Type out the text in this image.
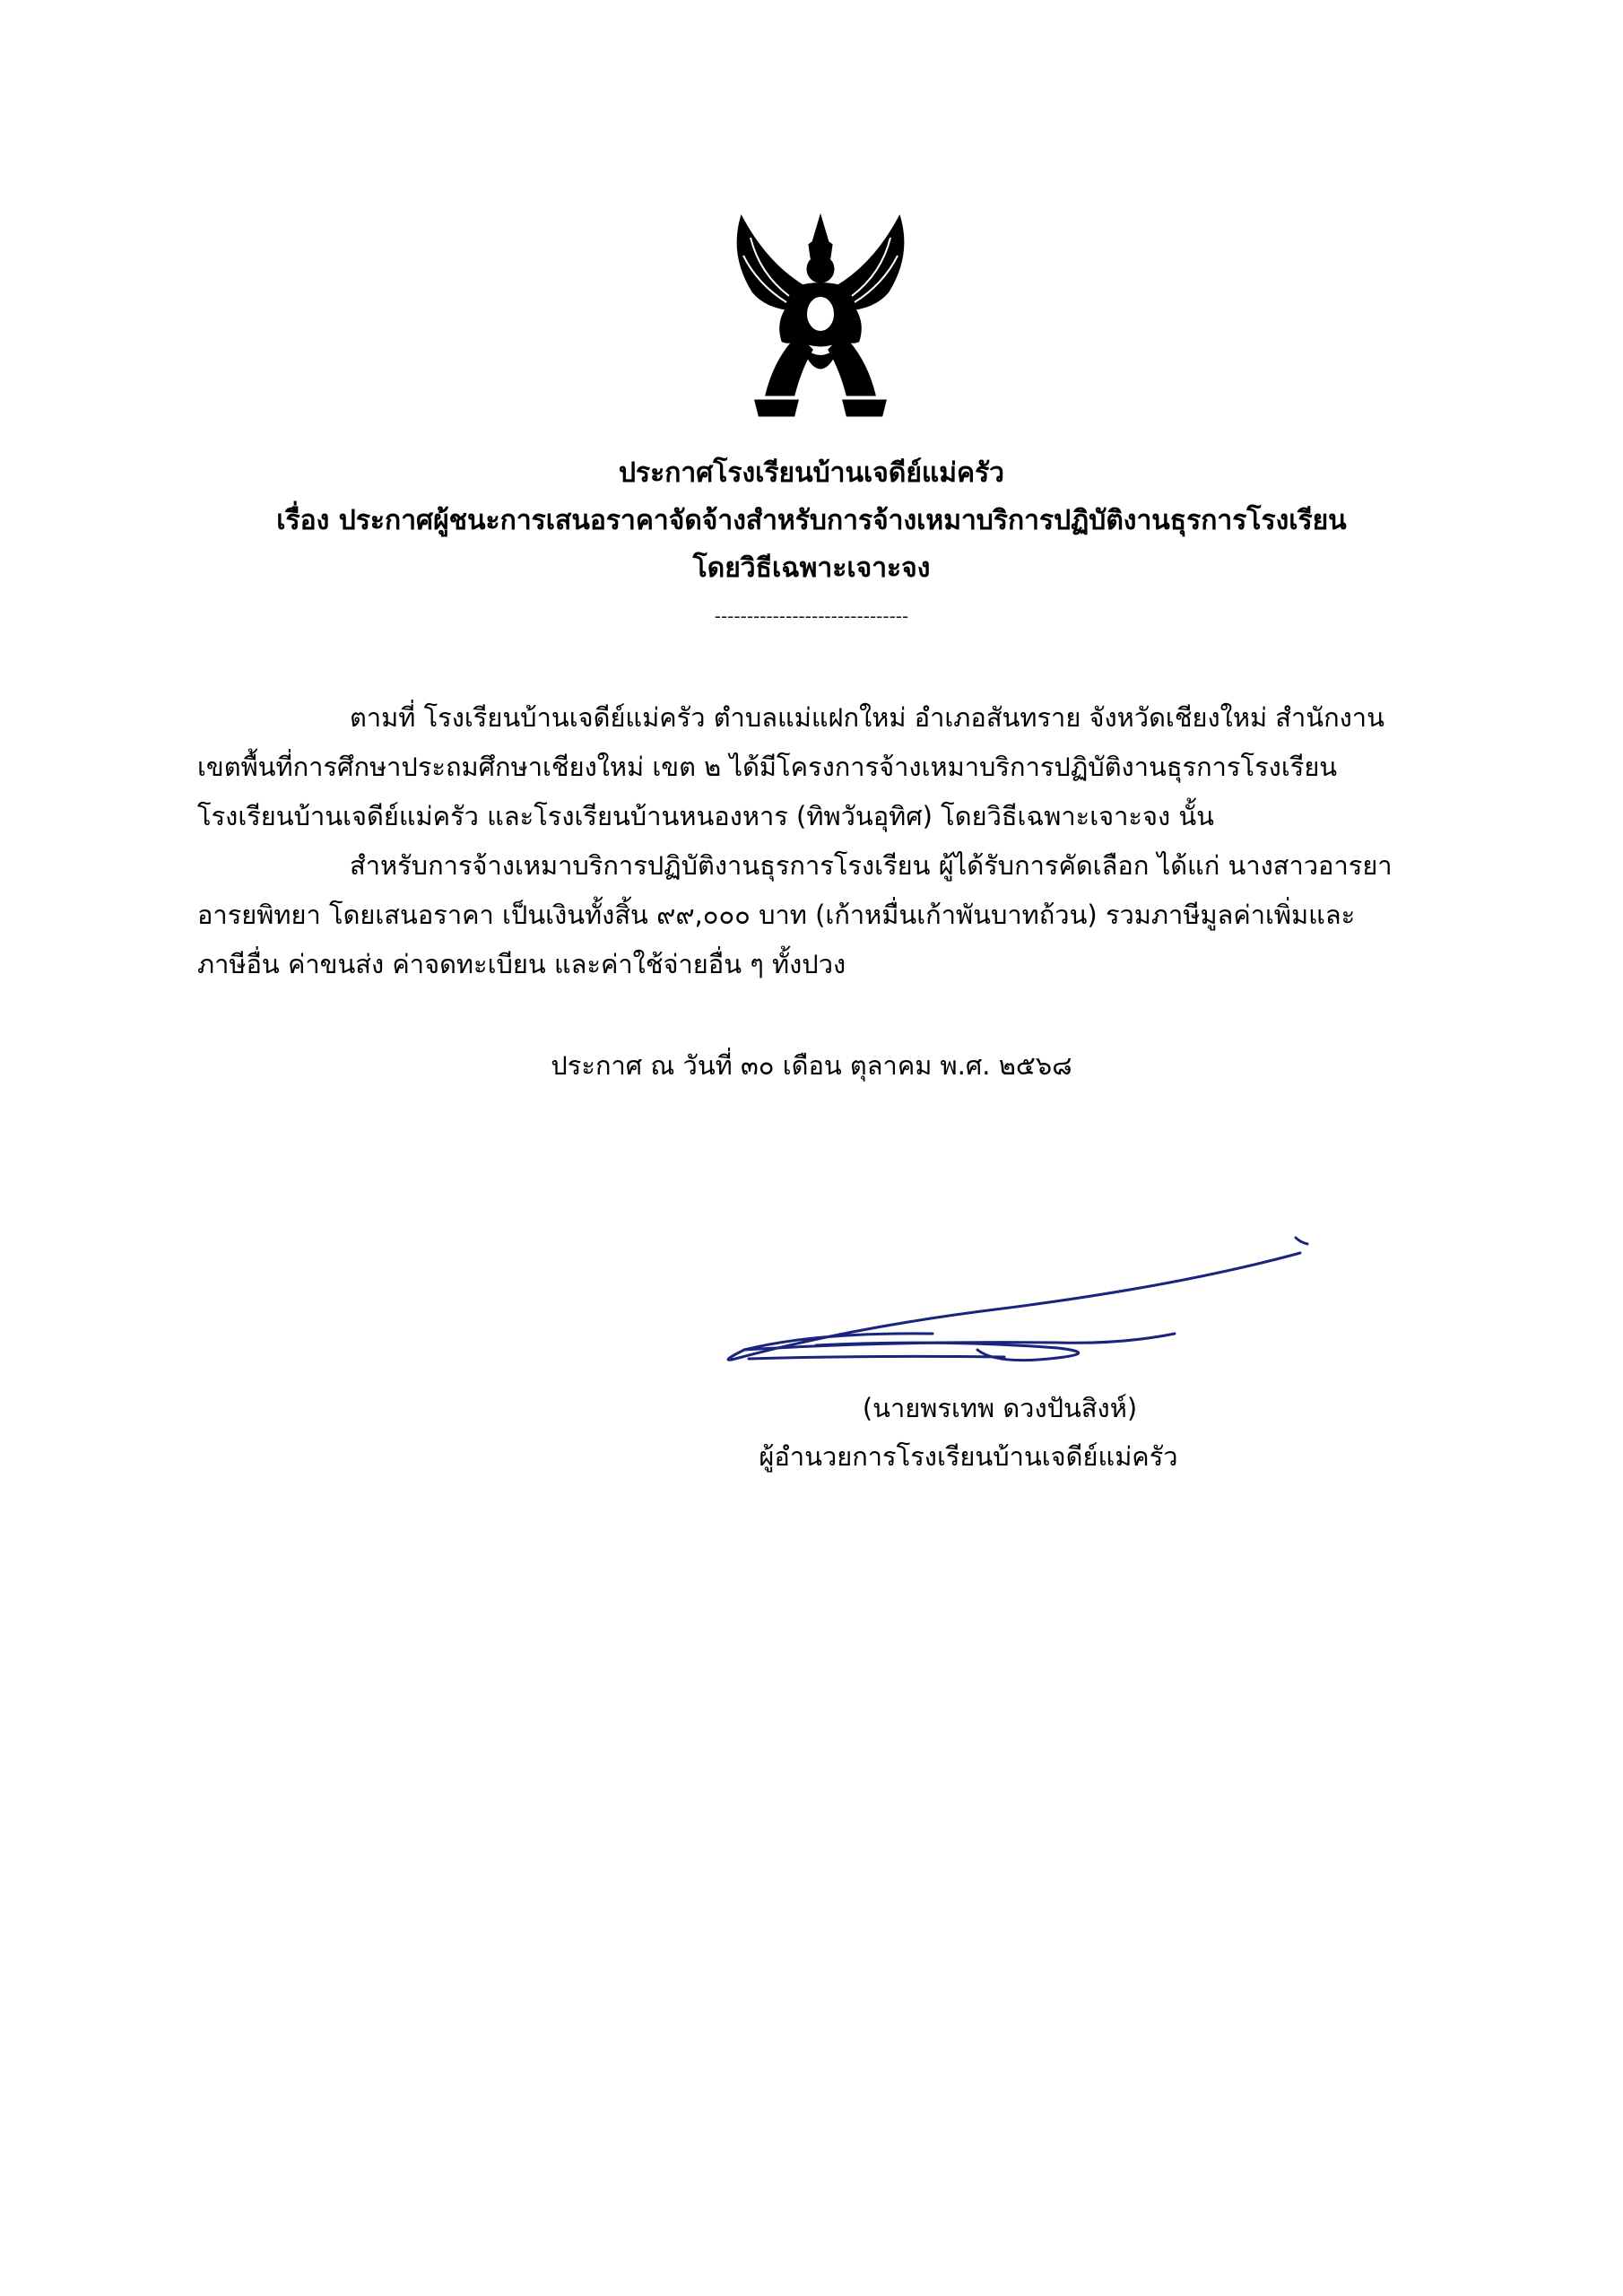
ประกาศโรงเรียนบ้านเจดีย์แม่ครัว
เรื่อง ประกาศผู้ชนะการเสนอราคาจัดจ้างสำหรับการจ้างเหมาบริการปฏิบัติงานธุรการโรงเรียน
โดยวิธีเฉพาะเจาะจง
------------------------------
ตามที่ โรงเรียนบ้านเจดีย์แม่ครัว ตำบลแม่แฝกใหม่ อำเภอสันทราย จังหวัดเชียงใหม่ สำนักงาน
เขตพื้นที่การศึกษาประถมศึกษาเชียงใหม่ เขต ๒ ได้มีโครงการจ้างเหมาบริการปฏิบัติงานธุรการโรงเรียน
โรงเรียนบ้านเจดีย์แม่ครัว และโรงเรียนบ้านหนองหาร (ทิพวันอุทิศ) โดยวิธีเฉพาะเจาะจง นั้น
สำหรับการจ้างเหมาบริการปฏิบัติงานธุรการโรงเรียน ผู้ได้รับการคัดเลือก ได้แก่ นางสาวอารยา
อารยพิทยา โดยเสนอราคา เป็นเงินทั้งสิ้น ๙๙,๐๐๐ บาท (เก้าหมื่นเก้าพันบาทถ้วน) รวมภาษีมูลค่าเพิ่มและ
ภาษีอื่น ค่าขนส่ง ค่าจดทะเบียน และค่าใช้จ่ายอื่น ๆ ทั้งปวง
ประกาศ ณ วันที่ ๓๐ เดือน ตุลาคม พ.ศ. ๒๕๖๘
(นายพรเทพ ดวงปันสิงห์)
ผู้อำนวยการโรงเรียนบ้านเจดีย์แม่ครัว
